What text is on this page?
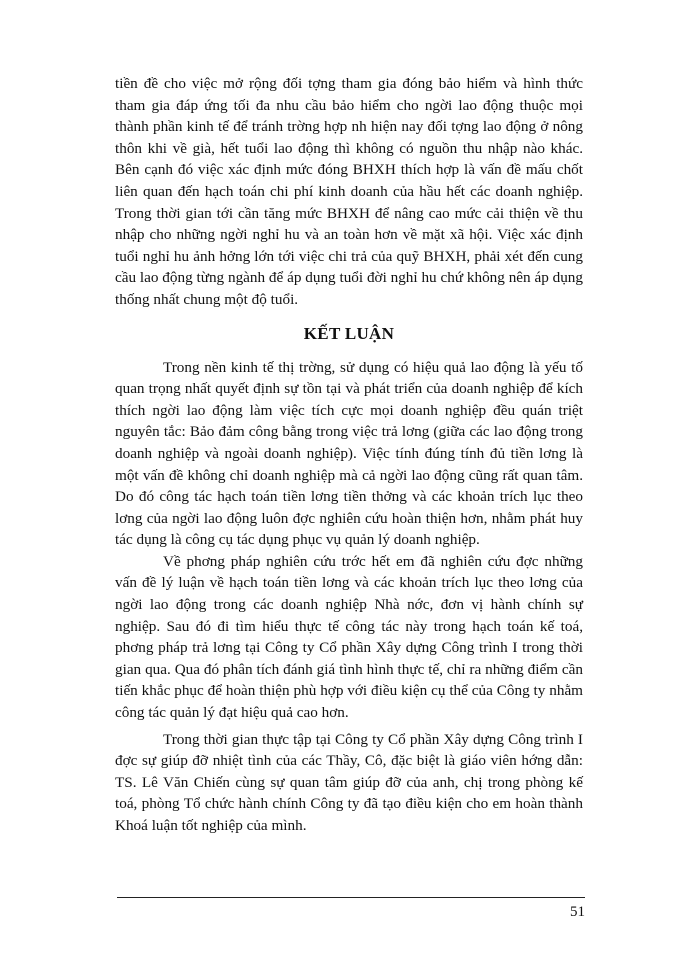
tiền đề cho việc mở rộng đối tợng tham gia đóng bảo hiểm và hình thức tham gia đáp ứng tối đa nhu cầu bảo hiểm cho ngời lao động thuộc mọi thành phần kinh tế để tránh trờng hợp nh hiện nay đối tợng lao động ở nông thôn khi về già, hết tuổi lao động thì không có nguồn thu nhập nào khác. Bên cạnh đó việc xác định mức đóng BHXH thích hợp là vấn đề mấu chốt liên quan đến hạch toán chi phí kinh doanh của hầu hết các doanh nghiệp. Trong thời gian tới cần tăng mức BHXH để nâng cao mức cải thiện về thu nhập cho những ngời nghỉ hu và an toàn hơn về mặt xã hội. Việc xác định tuổi nghỉ hu ảnh hởng lớn tới việc chi trả của quỹ BHXH, phải xét đến cung cầu lao động từng ngành để áp dụng tuổi đời nghỉ hu chứ không nên áp dụng thống nhất chung một độ tuổi.

KẾT LUẬN

Trong nền kinh tế thị trờng, sử dụng có hiệu quả lao động là yếu tố quan trọng nhất quyết định sự tồn tại và phát triển của doanh nghiệp để kích thích ngời lao động làm việc tích cực mọi doanh nghiệp đều quán triệt nguyên tắc: Bảo đảm công bằng trong việc trả lơng (giữa các lao động trong doanh nghiệp và ngoài doanh nghiệp). Việc tính đúng tính đủ tiền lơng là một vấn đề không chỉ doanh nghiệp mà cả ngời lao động cũng rất quan tâm. Do đó công tác hạch toán tiền lơng tiền thởng và các khoản trích lục theo lơng của ngời lao động luôn đợc nghiên cứu hoàn thiện hơn, nhằm phát huy tác dụng là công cụ tác dụng phục vụ quản lý doanh nghiệp.

Về phơng pháp nghiên cứu trớc hết em đã nghiên cứu đợc những vấn đề lý luận về hạch toán tiền lơng và các khoản trích lục theo lơng của ngời lao động trong các doanh nghiệp Nhà nớc, đơn vị hành chính sự nghiệp. Sau đó đi tìm hiểu thực tế công tác này trong hạch toán kế toá, phơng pháp trả lơng tại Công ty Cổ phần Xây dựng Công trình I trong thời gian qua. Qua đó phân tích đánh giá tình hình thực tế, chỉ ra những điểm cần tiến khắc phục để hoàn thiện phù hợp với điều kiện cụ thể của Công ty nhằm công tác quản lý đạt hiệu quả cao hơn.

Trong thời gian thực tập tại Công ty Cổ phần Xây dựng Công trình I đợc sự giúp đỡ nhiệt tình của các Thầy, Cô, đặc biệt là giáo viên hớng dẫn: TS. Lê Văn Chiến cùng sự quan tâm giúp đỡ của anh, chị trong phòng kế toá, phòng Tổ chức hành chính Công ty đã tạo điều kiện cho em hoàn thành Khoá luận tốt nghiệp của mình.

51
